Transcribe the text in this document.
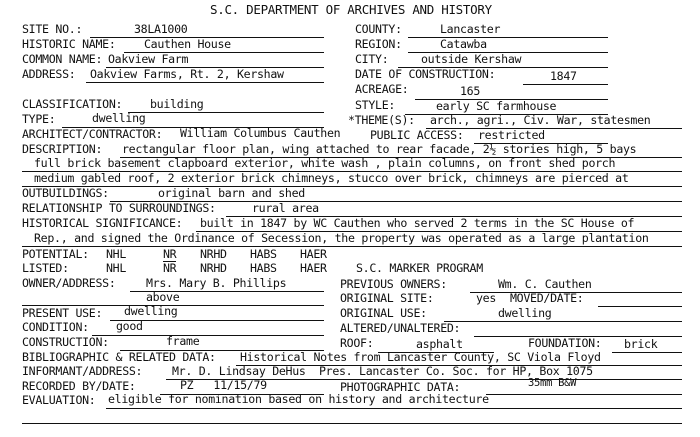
S.C. DEPARTMENT OF ARCHIVES AND HISTORY
SITE NO.:	38LA1000	COUNTY:	Lancaster
HISTORIC NAME: Cauthen House	REGION:	Catawba
COMMON NAME: Oakview Farm	CITY:	outside Kershaw
ADDRESS: Oakview Farms, Rt. 2, Kershaw	DATE OF CONSTRUCTION:	1847
ACREAGE:	165
CLASSIFICATION: building	STYLE:	early SC farmhouse
TYPE:	dwelling	*THEME(S): arch., agri., Civ. War, statesmen
ARCHITECT/CONTRACTOR: William Columbus Cauthen	PUBLIC ACCESS: restricted
DESCRIPTION: rectangular floor plan, wing attached to rear facade, 2½ stories high, 5 bays
full brick basement clapboard exterior, white wash , plain columns, on front shed porch
medium gabled roof, 2 exterior brick chimneys, stucco over brick, chimneys are pierced at
OUTBUILDINGS:	original barn and shed
RELATIONSHIP TO SURROUNDINGS:	rural area
HISTORICAL SIGNIFICANCE: built in 1847 by WC Cauthen who served 2 terms in the SC House of
Rep., and signed the Ordinance of Secession, the property was operated as a large plantation
POTENTIAL: NHL	NR NRHD HABS HAER
LISTED:	NHL	NR NRHD HABS HAER	S.C. MARKER PROGRAM
OWNER/ADDRESS:	Mrs. Mary B. Phillips
above
PREVIOUS OWNERS:	Wm. C. Cauthen
ORIGINAL SITE:	yes MOVED/DATE:
PRESENT USE: dwelling	ORIGINAL USE:	dwelling
CONDITION: good	ALTERED/UNALTERED:
CONSTRUCTION:	frame	ROOF:	asphalt	FOUNDATION: brick
BIBLIOGRAPHIC & RELATED DATA: Historical Notes from Lancaster County, SC Viola Floyd
INFORMANT/ADDRESS:	Mr. D. Lindsay DeHus  Pres. Lancaster Co. Soc. for HP, Box 1075
RECORDED BY/DATE:	PZ   11/15/79	PHOTOGRAPHIC DATA:	35mm B&W
EVALUATION: eligible for nomination based on history and architecture
